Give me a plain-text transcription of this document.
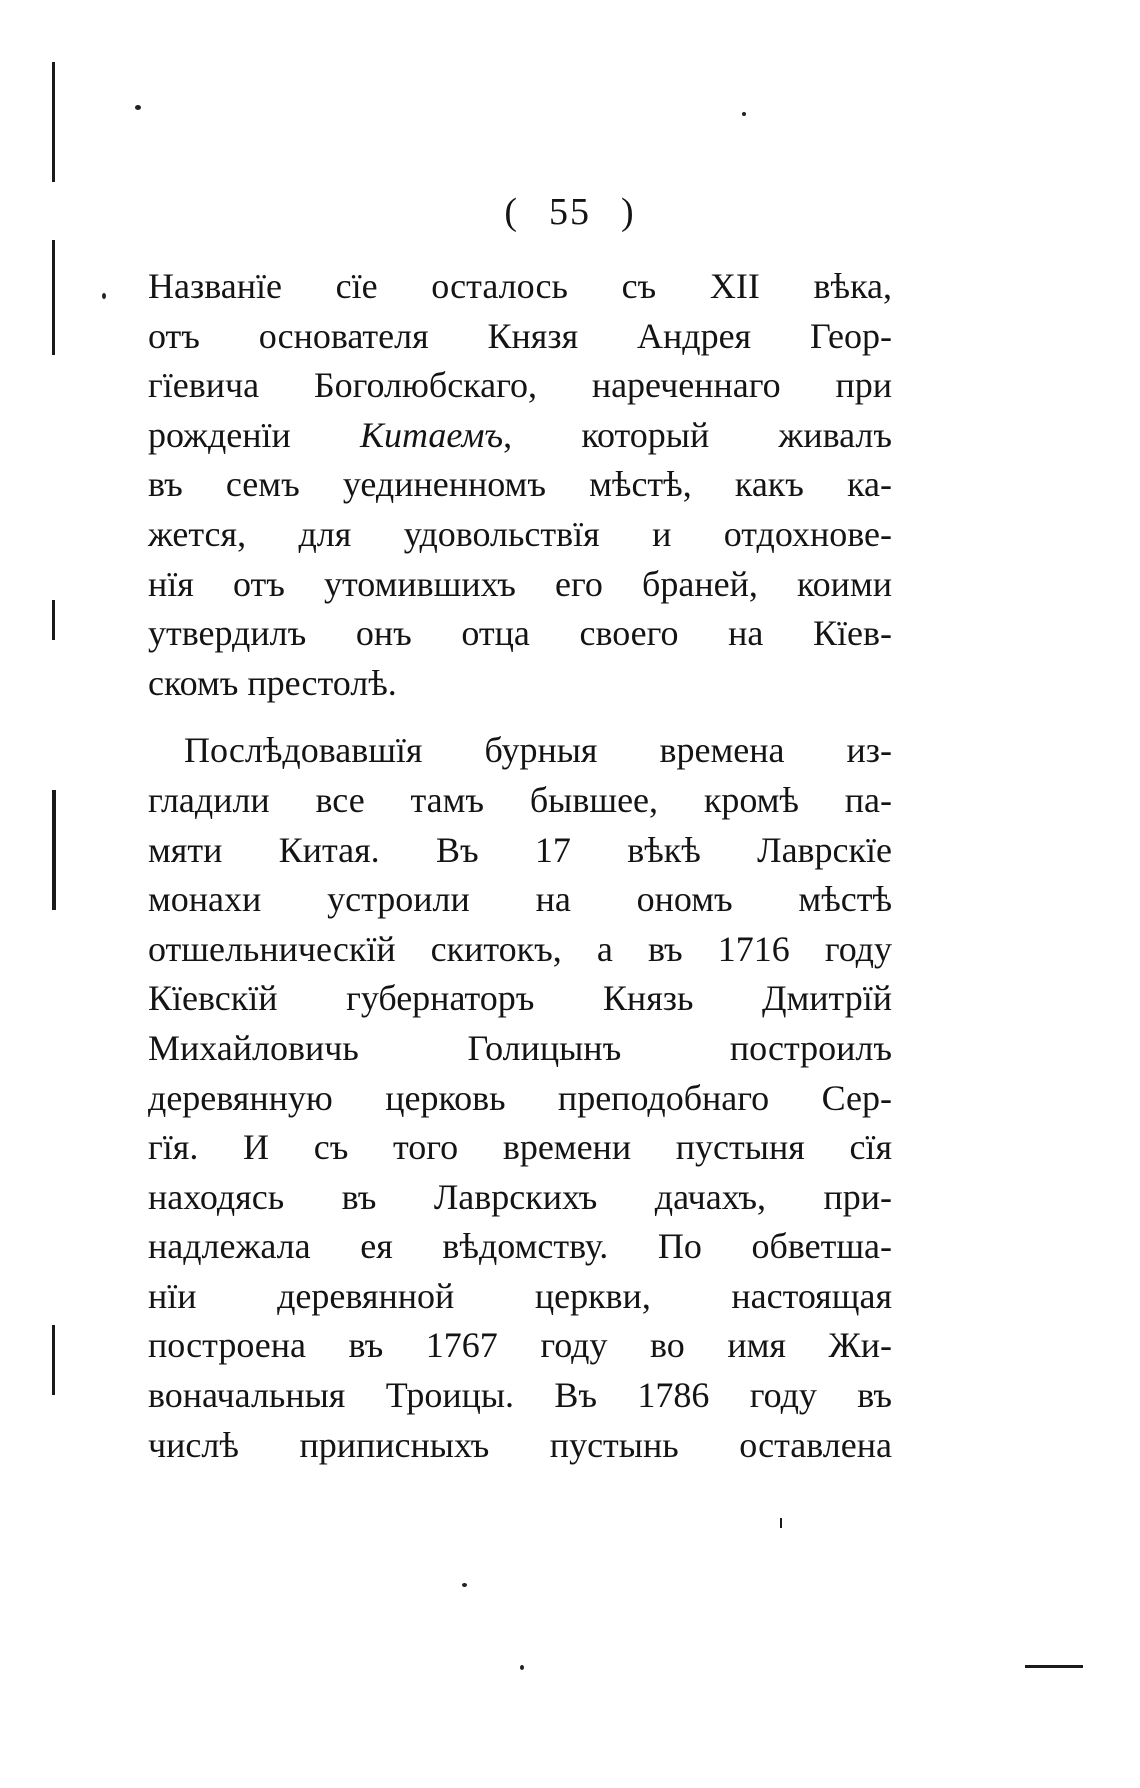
( 55 )
Названїе сїе осталось съ XII вѣка,
отъ основателя Князя Андрея Геор-
гїевича Боголюбскаго, нареченнаго при
рожденїи Китаемъ, который живалъ
въ семъ уединенномъ мѣстѣ, какъ ка-
жется, для удовольствїя и отдохнове-
нїя отъ утомившихъ его браней, коими
утвердилъ онъ отца своего на Кїев-
скомъ престолѣ.
Послѣдовавшїя бурныя времена из-
гладили все тамъ бывшее, кромѣ па-
мяти Китая. Въ 17 вѣкѣ Лаврскїе
монахи устроили на ономъ мѣстѣ
отшельническїй скитокъ, а въ 1716 году
Кїевскїй губернаторъ Князь Дмитрїй
Михайловичь Голицынъ построилъ
деревянную церковь преподобнаго Сер-
гїя. И съ того времени пустыня сїя
находясь въ Лаврскихъ дачахъ, при-
надлежала ея вѣдомству. По обветша-
нїи деревянной церкви, настоящая
построена въ 1767 году во имя Жи-
воначальныя Троицы. Въ 1786 году въ
числѣ приписныхъ пустынь оставлена
